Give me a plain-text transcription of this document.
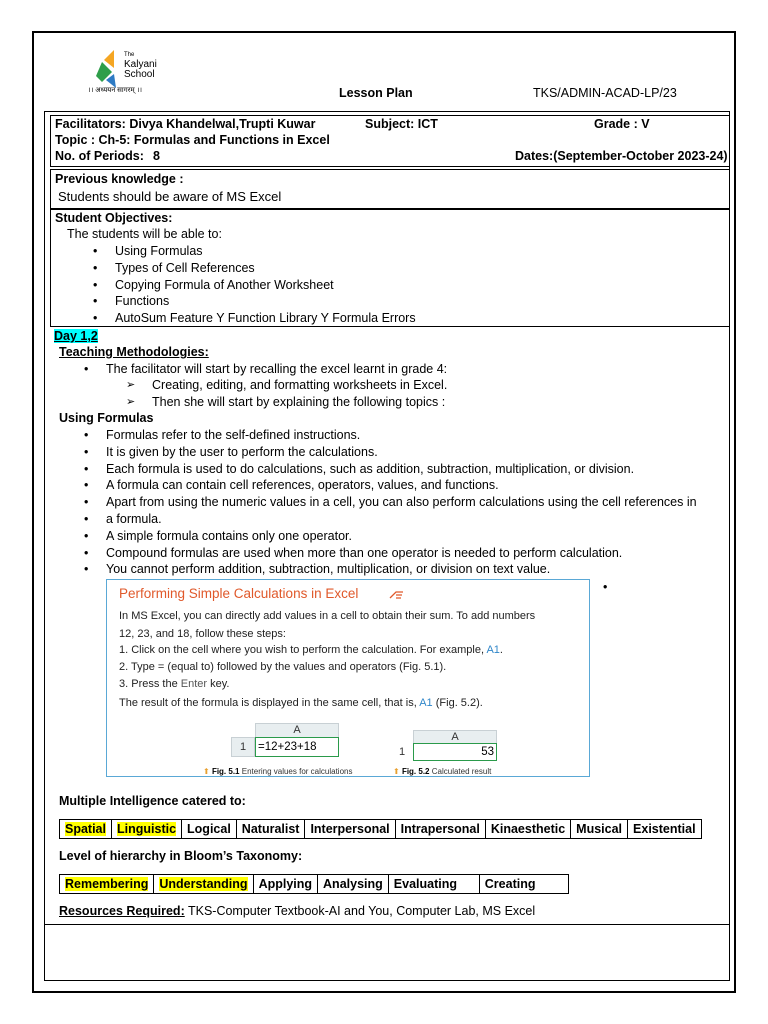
The
Kalyani
School
।। अध्ययन सागरम् ।।	Lesson Plan	TKS/ADMIN-ACAD-LP/23
Facilitators: Divya Khandelwal,Trupti Kuwar	Subject: ICT	Grade : V
Topic : Ch-5: Formulas and Functions in Excel
No. of Periods: 8	Dates:(September-October 2023-24)
Previous knowledge :
Students should be aware of MS Excel
Student Objectives:
The students will be able to:
• Using Formulas
• Types of Cell References
• Copying Formula of Another Worksheet
• Functions
• AutoSum Feature Y Function Library Y Formula Errors
Day 1,2
Teaching Methodologies:
• The facilitator will start by recalling the excel learnt in grade 4:
➢ Creating, editing, and formatting worksheets in Excel.
➢ Then she will start by explaining the following topics :
Using Formulas
• Formulas refer to the self-defined instructions.
• It is given by the user to perform the calculations.
• Each formula is used to do calculations, such as addition, subtraction, multiplication, or division.
• A formula can contain cell references, operators, values, and functions.
• Apart from using the numeric values in a cell, you can also perform calculations using the cell references in
• a formula.
• A simple formula contains only one operator.
• Compound formulas are used when more than one operator is needed to perform calculation.
• You cannot perform addition, subtraction, multiplication, or division on text value.
•
Performing Simple Calculations in Excel
In MS Excel, you can directly add values in a cell to obtain their sum. To add numbers
12, 23, and 18, follow these steps:
1. Click on the cell where you wish to perform the calculation. For example, A1.
2. Type = (equal to) followed by the values and operators (Fig. 5.1).
3. Press the Enter key.
The result of the formula is displayed in the same cell, that is, A1 (Fig. 5.2).
A
1	=12+23+18
A
1	53
⬆ Fig. 5.1 Entering values for calculations	⬆ Fig. 5.2 Calculated result
Multiple Intelligence catered to:
Spatial	Linguistic	Logical	Naturalist	Interpersonal	Intrapersonal	Kinaesthetic	Musical	Existential
Level of hierarchy in Bloom’s Taxonomy:
Remembering	Understanding	Applying	Analysing	Evaluating	Creating
Resources Required: TKS-Computer Textbook-AI and You, Computer Lab, MS Excel
